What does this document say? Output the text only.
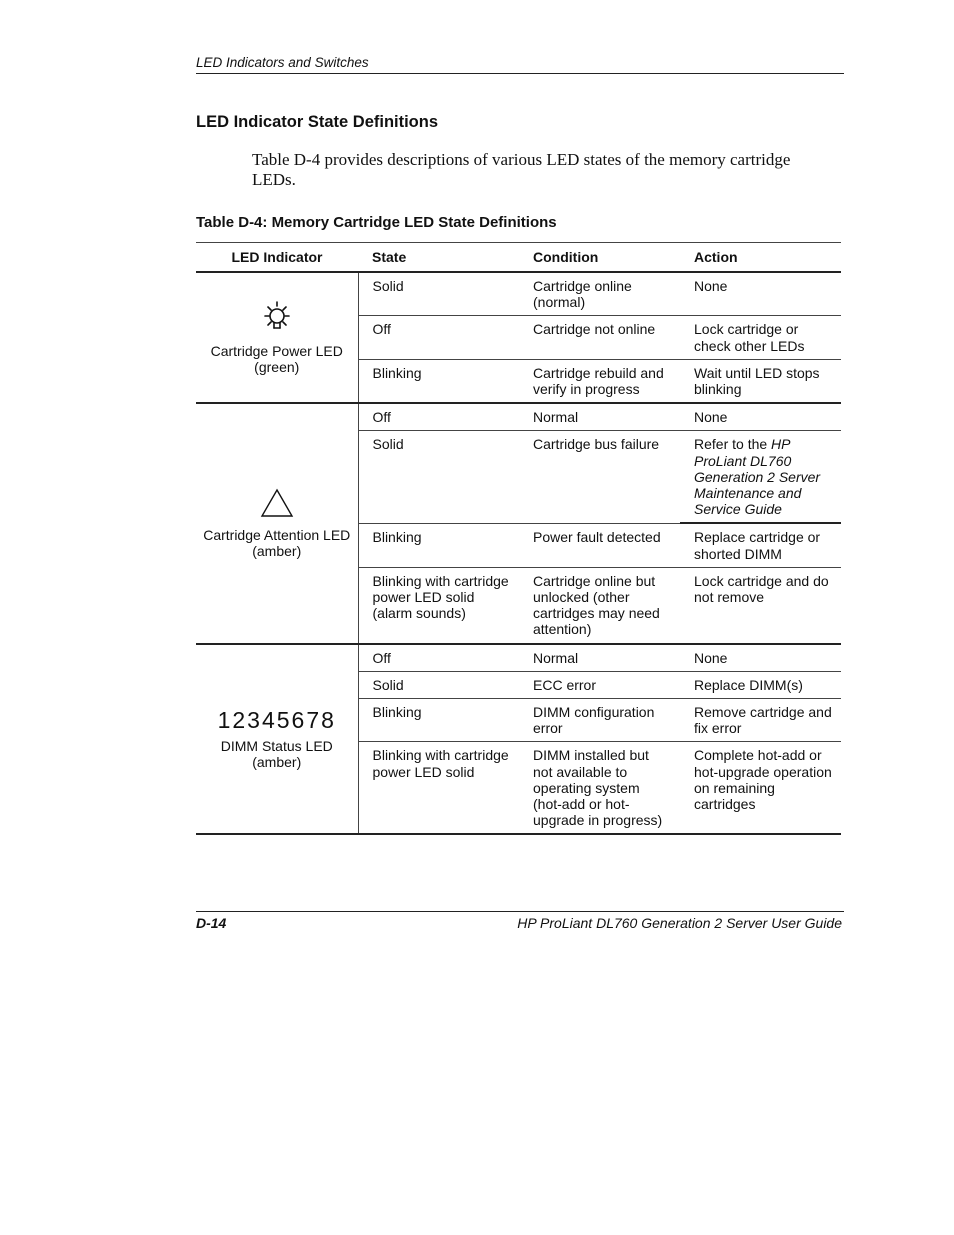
LED Indicators and Switches
LED Indicator State Definitions
Table D-4 provides descriptions of various LED states of the memory cartridge LEDs.
Table D-4: Memory Cartridge LED State Definitions
LED Indicator	State	Condition	Action

Cartridge Power LED (green)	Solid	Cartridge online (normal)	None
	Off	Cartridge not online	Lock cartridge or check other LEDs
	Blinking	Cartridge rebuild and verify in progress	Wait until LED stops blinking

Cartridge Attention LED (amber)	Off	Normal	None
	Solid	Cartridge bus failure	Refer to the HP ProLiant DL760 Generation 2 Server Maintenance and Service Guide
	Blinking	Power fault detected	Replace cartridge or shorted DIMM
	Blinking with cartridge power LED solid (alarm sounds)	Cartridge online but unlocked (other cartridges may need attention)	Lock cartridge and do not remove

12345678
DIMM Status LED (amber)	Off	Normal	None
	Solid	ECC error	Replace DIMM(s)
	Blinking	DIMM configuration error	Remove cartridge and fix error
	Blinking with cartridge power LED solid	DIMM installed but not available to operating system (hot-add or hot-upgrade in progress)	Complete hot-add or hot-upgrade operation on remaining cartridges
D-14	HP ProLiant DL760 Generation 2 Server User Guide
